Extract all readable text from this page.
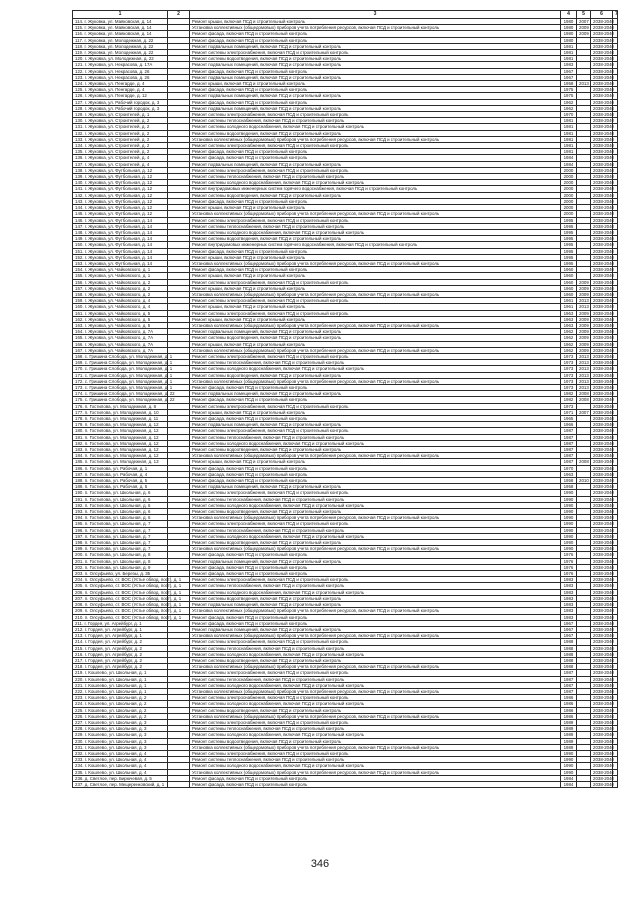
1	2	3	4	5	6	7
114. г. Жуковка, ул. Маяковская, д. 14		Ремонт крыши, включая ПСД и строительный контроль	1980	2007	2038-2040	
115. г. Жуковка, ул. Маяковская, д. 14		Установка коллективных (общедомовых) приборов учета потребления ресурсов, включая ПСД и строительный контроль	1980	2009	2038-2040	
116. г. Жуковка, ул. Маяковская, д. 14		Ремонт фасада, включая ПСД и строительный контроль	1980	2009	2038-2040	
117. г. Жуковка, ул. Молодежная, д. 22		Ремонт фасада, включая ПСД и строительный контроль	1980		2038-2040	
118. г. Жуковка, ул. Молодежная, д. 22		Ремонт подвальных помещений, включая ПСД и строительный контроль	1981		2038-2040	
119. г. Жуковка, ул. Молодежная, д. 22		Ремонт системы электроснабжения, включая ПСД и строительный контроль	1981		2038-2040	
120. г. Жуковка, ул. Молодежная, д. 22		Ремонт системы водоотведения, включая ПСД и строительный контроль	1981		2038-2040	
121. г. Жуковка, ул. Некрасова, д. 17А		Ремонт подвальных помещений, включая ПСД и строительный контроль	1983		2038-2040	
122. г. Жуковка, ул. Некрасова, д. 26		Ремонт фасада, включая ПСД и строительный контроль	1967		2038-2040	
123. г. Жуковка, ул. Некрасова, д. 26		Ремонт подвальных помещений, включая ПСД и строительный контроль	1967		2038-2040	
124. г. Жуковка, ул. Пенгарде, д. 4		Ремонт крыши, включая ПСД и строительный контроль	1958	2013	2038-2040	
125. г. Жуковка, ул. Пенгарде, д. 4		Ремонт фасада, включая ПСД и строительный контроль	1975		2038-2040	
126. г. Жуковка, ул. Пенгарде, д. 12		Ремонт подвальных помещений, включая ПСД и строительный контроль	1975		2038-2040	
127. г. Жуковка, ул. Рабочий городок, д. 3		Ремонт фасада, включая ПСД и строительный контроль	1962		2038-2040	
128. г. Жуковка, ул. Рабочий городок, д. 3		Ремонт подвальных помещений, включая ПСД и строительный контроль	1962		2038-2040	
129. г. Жуковка, ул. Строителей, д. 1		Ремонт системы электроснабжения, включая ПСД и строительный контроль	1970		2038-2040	
130. г. Жуковка, ул. Строителей, д. 2		Ремонт системы теплоснабжения, включая ПСД и строительный контроль	1981		2038-2040	
131. г. Жуковка, ул. Строителей, д. 2		Ремонт системы холодного водоснабжения, включая ПСД и строительный контроль	1981		2038-2040	
132. г. Жуковка, ул. Строителей, д. 2		Ремонт системы водоотведения, включая ПСД и строительный контроль	1981		2038-2040	
133. г. Жуковка, ул. Строителей, д. 2		Установка коллективных (общедомовых) приборов учета потребления ресурсов, включая ПСД и строительный контроль	1981		2038-2040	
134. г. Жуковка, ул. Строителей, д. 2		Ремонт системы электроснабжения, включая ПСД и строительный контроль	1981		2038-2040	
135. г. Жуковка, ул. Строителей, д. 2		Ремонт фасада, включая ПСД и строительный контроль	1981		2038-2040	
136. г. Жуковка, ул. Строителей, д. 4		Ремонт фасада, включая ПСД и строительный контроль	1984		2038-2040	
137. г. Жуковка, ул. Строителей, д. 4		Ремонт подвальных помещений, включая ПСД и строительный контроль	1984		2038-2040	
138. г. Жуковка, ул. Футбольная, д. 12		Ремонт системы электроснабжения, включая ПСД и строительный контроль	2000		2038-2040	
139. г. Жуковка, ул. Футбольная, д. 12		Ремонт системы теплоснабжения, включая ПСД и строительный контроль	2000		2038-2040	
140. г. Жуковка, ул. Футбольная, д. 12		Ремонт системы холодного водоснабжения, включая ПСД и строительный контроль	2000		2038-2040	
141. г. Жуковка, ул. Футбольная, д. 12		Ремонт внутридомовых инженерных систем горячего водоснабжения, включая ПСД и строительный контроль	2000		2038-2040	
142. г. Жуковка, ул. Футбольная, д. 12		Ремонт системы водоотведения, включая ПСД и строительный контроль	2000		2038-2040	
143. г. Жуковка, ул. Футбольная, д. 12		Ремонт фасада, включая ПСД и строительный контроль	2000		2038-2040	
144. г. Жуковка, ул. Футбольная, д. 12		Ремонт крыши, включая ПСД и строительный контроль	2000		2038-2040	
145. г. Жуковка, ул. Футбольная, д. 12		Установка коллективных (общедомовых) приборов учета потребления ресурсов, включая ПСД и строительный контроль	2000		2038-2040	
146. г. Жуковка, ул. Футбольная, д. 14		Ремонт системы электроснабжения, включая ПСД и строительный контроль	1995		2038-2040	
147. г. Жуковка, ул. Футбольная, д. 14		Ремонт системы теплоснабжения, включая ПСД и строительный контроль	1995		2038-2040	
148. г. Жуковка, ул. Футбольная, д. 14		Ремонт системы холодного водоснабжения, включая ПСД и строительный контроль	1995		2038-2040	
149. г. Жуковка, ул. Футбольная, д. 14		Ремонт системы водоотведения, включая ПСД и строительный контроль	1995		2038-2040	
150. г. Жуковка, ул. Футбольная, д. 14		Ремонт внутридомовых инженерных систем горячего водоснабжения, включая ПСД и строительный контроль	1995		2038-2040	
151. г. Жуковка, ул. Футбольная, д. 14		Ремонт фасада, включая ПСД и строительный контроль	1995		2038-2040	
152. г. Жуковка, ул. Футбольная, д. 14		Ремонт крыши, включая ПСД и строительный контроль	1995		2038-2040	
153. г. Жуковка, ул. Футбольная, д. 14		Установка коллективных (общедомовых) приборов учета потребления ресурсов, включая ПСД и строительный контроль	1995		2038-2040	
154. г. Жуковка, ул. Чайковского, д. 1		Ремонт фасада, включая ПСД и строительный контроль	1960		2038-2040	
155. г. Жуковка, ул. Чайковского, д. 1		Ремонт крыши, включая ПСД и строительный контроль	1960		2038-2040	
156. г. Жуковка, ул. Чайковского, д. 2		Ремонт системы электроснабжения, включая ПСД и строительный контроль	1960	2009	2038-2040	
157. г. Жуковка, ул. Чайковского, д. 2		Ремонт крыши, включая ПСД и строительный контроль	1960	2009	2038-2040	
158. г. Жуковка, ул. Чайковского, д. 2		Установка коллективных (общедомовых) приборов учета потребления ресурсов, включая ПСД и строительный контроль	1960	2009	2038-2040	
159. г. Жуковка, ул. Чайковского, д. 4		Ремонт системы электроснабжения, включая ПСД и строительный контроль	1961	2013	2038-2040	
160. г. Жуковка, ул. Чайковского, д. 4		Ремонт крыши, включая ПСД и строительный контроль	1961	2013	2038-2040	
161. г. Жуковка, ул. Чайковского, д. 5		Ремонт системы электроснабжения, включая ПСД и строительный контроль	1963	2009	2038-2040	
162. г. Жуковка, ул. Чайковского, д. 5		Ремонт крыши, включая ПСД и строительный контроль	1963	2009	2038-2040	
163. г. Жуковка, ул. Чайковского, д. 5		Установка коллективных (общедомовых) приборов учета потребления ресурсов, включая ПСД и строительный контроль	1963	2009	2038-2040	
164. г. Жуковка, ул. Чайковского, д. 7А		Ремонт подвальных помещений, включая ПСД и строительный контроль	1962	2009	2038-2040	
165. г. Жуковка, ул. Чайковского, д. 7А		Ремонт системы водоотведения, включая ПСД и строительный контроль	1962	2009	2038-2040	
166. г. Жуковка, ул. Чайковского, д. 7А		Ремонт крыши, включая ПСД и строительный контроль	1962	2009	2038-2040	
167. г. Жуковка, ул. Чайковского, д. 7А		Установка коллективных (общедомовых) приборов учета потребления ресурсов, включая ПСД и строительный контроль	1962	2009	2038-2040	
168. с. Гришина Слобода, ул. Молодежная, д. 1		Ремонт системы электроснабжения, включая ПСД и строительный контроль	1973	2013	2038-2040	
169. с. Гришина Слобода, ул. Молодежная, д. 1		Ремонт системы теплоснабжения, включая ПСД и строительный контроль	1973	2013	2038-2040	
170. с. Гришина Слобода, ул. Молодежная, д. 1		Ремонт системы холодного водоснабжения, включая ПСД и строительный контроль	1973	2013	2038-2040	
171. с. Гришина Слобода, ул. Молодежная, д. 1		Ремонт системы водоотведения, включая ПСД и строительный контроль	1973	2013	2038-2040	
172. с. Гришина Слобода, ул. Молодежная, д. 1		Установка коллективных (общедомовых) приборов учета потребления ресурсов, включая ПСД и строительный контроль	1973	2013	2038-2040	
173. с. Гришина Слобода, ул. Молодежная, д. 1		Ремонт фасада, включая ПСД и строительный контроль	1973	2013	2038-2040	
174. с. Гришина Слобода, ул. Молодежная, д. 22		Ремонт подвальных помещений, включая ПСД и строительный контроль	1982	2008	2038-2040	
175. с. Гришина Слобода, ул. Молодежная, д. 22		Ремонт фасада, включая ПСД и строительный контроль	1982	2008	2038-2040	
176. п. Гостилова, ул. Молодежная, д. 8		Ремонт системы электроснабжения, включая ПСД и строительный контроль	1973		2038-2040	
177. п. Гостилова, ул. Молодежная, д. 10		Ремонт крыши, включая ПСД и строительный контроль	1971	2007	2038-2040	
178. п. Гостилова, ул. Молодежная, д. 11		Ремонт фасада, включая ПСД и строительный контроль	1965		2038-2040	
179. п. Гостилова, ул. Молодежная, д. 12		Ремонт подвальных помещений, включая ПСД и строительный контроль	1966		2038-2040	
180. п. Гостилова, ул. Молодежная, д. 12		Ремонт системы электроснабжения, включая ПСД и строительный контроль	1987		2038-2040	
181. п. Гостилова, ул. Молодежная, д. 12		Ремонт системы теплоснабжения, включая ПСД и строительный контроль	1987		2038-2040	
182. п. Гостилова, ул. Молодежная, д. 12		Ремонт системы холодного водоснабжения, включая ПСД и строительный контроль	1987		2038-2040	
183. п. Гостилова, ул. Молодежная, д. 12		Ремонт системы водоотведения, включая ПСД и строительный контроль	1987		2038-2040	
184. п. Гостилова, ул. Молодежная, д. 12		Установка коллективных (общедомовых) приборов учета потребления ресурсов, включая ПСД и строительный контроль	1987		2038-2040	
185. п. Гостилова, ул. Молодежная, д. 13		Ремонт крыши, включая ПСД и строительный контроль	1987	2008	2038-2040	
186. п. Гостилова, ул. Рабочая, д. 1		Ремонт фасада, включая ПСД и строительный контроль	1970		2038-2040	
187. п. Гостилова, ул. Рабочая, д. 4		Ремонт фасада, включая ПСД и строительный контроль	1963		2038-2040	
188. п. Гостилова, ул. Рабочая, д. 5		Ремонт фасада, включая ПСД и строительный контроль	1958	2010	2038-2040	
189. п. Гостилова, ул. Рабочая, д. 5		Ремонт подвальных помещений, включая ПСД и строительный контроль	1958		2038-2040	
190. п. Гостилова, ул. Школьная, д. 6		Ремонт системы электроснабжения, включая ПСД и строительный контроль	1990		2038-2040	
191. п. Гостилова, ул. Школьная, д. 6		Ремонт системы теплоснабжения, включая ПСД и строительный контроль	1990		2038-2040	
192. п. Гостилова, ул. Школьная, д. 6		Ремонт системы холодного водоснабжения, включая ПСД и строительный контроль	1990		2038-2040	
193. п. Гостилова, ул. Школьная, д. 6		Ремонт системы водоотведения, включая ПСД и строительный контроль	1990		2038-2040	
194. п. Гостилова, ул. Школьная, д. 6		Установка коллективных (общедомовых) приборов учета потребления ресурсов, включая ПСД и строительный контроль	1990		2038-2040	
195. п. Гостилова, ул. Школьная, д. 7		Ремонт системы электроснабжения, включая ПСД и строительный контроль	1990		2038-2040	
196. п. Гостилова, ул. Школьная, д. 7		Ремонт системы теплоснабжения, включая ПСД и строительный контроль	1990		2038-2040	
197. п. Гостилова, ул. Школьная, д. 7		Ремонт системы холодного водоснабжения, включая ПСД и строительный контроль	1990		2038-2040	
198. п. Гостилова, ул. Школьная, д. 7		Ремонт системы водоотведения, включая ПСД и строительный контроль	1990		2038-2040	
199. п. Гостилова, ул. Школьная, д. 7		Установка коллективных (общедомовых) приборов учета потребления ресурсов, включая ПСД и строительный контроль	1990		2038-2040	
200. п. Гостилова, ул. Школьная, д. 8		Ремонт фасада, включая ПСД и строительный контроль	1976		2038-2040	
201. п. Гостилова, ул. Школьная, д. 8		Ремонт подвальных помещений, включая ПСД и строительный контроль	1976		2038-2040	
202. п. Гостилова, ул. Школьная, д. 9		Ремонт фасада, включая ПСД и строительный контроль	1976		2038-2040	
203. п. Олсуфьево, ул. Березы, д. 35		Ремонт фасада, включая ПСД и строительный контроль	1976		2038-2040	
204. п. Олсуфьево, ст. ВОС (Устье обвод. пост), д. 1		Ремонт системы электроснабжения, включая ПСД и строительный контроль	1983		2038-2040	
205. п. Олсуфьево, ст. ВОС (Устье обвод. пост), д. 1		Ремонт системы теплоснабжения, включая ПСД и строительный контроль	1983		2038-2040	
206. п. Олсуфьево, ст. ВОС (Устье обвод. пост), д. 1		Ремонт системы холодного водоснабжения, включая ПСД и строительный контроль	1983		2038-2040	
207. п. Олсуфьево, ст. ВОС (Устье обвод. пост), д. 1		Ремонт системы водоотведения, включая ПСД и строительный контроль	1983		2038-2040	
208. п. Олсуфьево, ст. ВОС (Устье обвод. пост), д. 1		Ремонт подвальных помещений, включая ПСД и строительный контроль	1983		2038-2040	
209. п. Олсуфьево, ст. ВОС (Устье обвод. пост), д. 1		Установка коллективных (общедомовых) приборов учета потребления ресурсов, включая ПСД и строительный контроль	1983		2038-2040	
210. п. Олсуфьево, ст. ВОС (Устье обвод. пост), д. 1		Ремонт фасада, включая ПСД и строительный контроль	1983		2038-2040	
211. г. Гордея, ул. Агрейбург, д. 1		Ремонт фасада, включая ПСД и строительный контроль	1967		2038-2040	
212. г. Гордея, ул. Агрейбург, д. 1		Ремонт подвальных помещений, включая ПСД и строительный контроль	1967		2038-2040	
213. г. Гордея, ул. Агрейбург, д. 1		Установка коллективных (общедомовых) приборов учета потребления ресурсов, включая ПСД и строительный контроль	1967		2038-2040	
214. г. Гордея, ул. Агрейбург, д. 2		Ремонт системы электроснабжения, включая ПСД и строительный контроль	1988		2038-2040	
215. г. Гордея, ул. Агрейбург, д. 2		Ремонт системы теплоснабжения, включая ПСД и строительный контроль	1988		2038-2040	
216. г. Гордея, ул. Агрейбург, д. 2		Ремонт системы холодного водоснабжения, включая ПСД и строительный контроль	1988		2038-2040	
217. г. Гордея, ул. Агрейбург, д. 2		Ремонт системы водоотведения, включая ПСД и строительный контроль	1988		2038-2040	
218. г. Гордея, ул. Агрейбург, д. 2		Установка коллективных (общедомовых) приборов учета потребления ресурсов, включая ПСД и строительный контроль	1988		2038-2040	
219. г. Кошлево, ул. Школьная, д. 1		Ремонт системы электроснабжения, включая ПСД и строительный контроль	1987		2038-2040	
220. г. Кошлево, ул. Школьная, д. 1		Ремонт системы теплоснабжения, включая ПСД и строительный контроль	1987		2038-2040	
221. г. Кошлево, ул. Школьная, д. 1		Ремонт системы холодного водоснабжения, включая ПСД и строительный контроль	1987		2038-2040	
222. г. Кошлево, ул. Школьная, д. 1		Установка коллективных (общедомовых) приборов учета потребления ресурсов, включая ПСД и строительный контроль	1987		2038-2040	
223. г. Кошлево, ул. Школьная, д. 2		Ремонт системы электроснабжения, включая ПСД и строительный контроль	1986		2038-2040	
224. г. Кошлево, ул. Школьная, д. 2		Ремонт системы холодного водоснабжения, включая ПСД и строительный контроль	1986		2038-2040	
225. г. Кошлево, ул. Школьная, д. 2		Ремонт системы водоотведения, включая ПСД и строительный контроль	1986		2038-2040	
226. г. Кошлево, ул. Школьная, д. 2		Установка коллективных (общедомовых) приборов учета потребления ресурсов, включая ПСД и строительный контроль	1986		2038-2040	
227. г. Кошлево, ул. Школьная, д. 3		Ремонт системы электроснабжения, включая ПСД и строительный контроль	1989		2038-2040	
228. г. Кошлево, ул. Школьная, д. 3		Ремонт системы теплоснабжения, включая ПСД и строительный контроль	1989		2038-2040	
229. г. Кошлево, ул. Школьная, д. 3		Ремонт системы холодного водоснабжения, включая ПСД и строительный контроль	1989		2038-2040	
230. г. Кошлево, ул. Школьная, д. 3		Ремонт системы водоотведения, включая ПСД и строительный контроль	1989		2038-2040	
231. г. Кошлево, ул. Школьная, д. 3		Установка коллективных (общедомовых) приборов учета потребления ресурсов, включая ПСД и строительный контроль	1989		2038-2040	
232. г. Кошлево, ул. Школьная, д. 4		Ремонт системы электроснабжения, включая ПСД и строительный контроль	1990		2038-2040	
233. г. Кошлево, ул. Школьная, д. 4		Ремонт системы теплоснабжения, включая ПСД и строительный контроль	1990		2038-2040	
234. г. Кошлево, ул. Школьная, д. 4		Ремонт системы холодного водоснабжения, включая ПСД и строительный контроль	1990		2038-2040	
235. г. Кошлево, ул. Школьная, д. 4		Установка коллективных (общедомовых) приборов учета потребления ресурсов, включая ПСД и строительный контроль	1990		2038-2040	
236. д. Светлое, пер. Бирючевая, д. 5		Ремонт фасада, включая ПСД и строительный контроль	1984		2038-2040	
237. д. Светлое, пер. Мещеренковский, д. 1		Ремонт фасада, включая ПСД и строительный контроль	1984		2038-2040	
346
